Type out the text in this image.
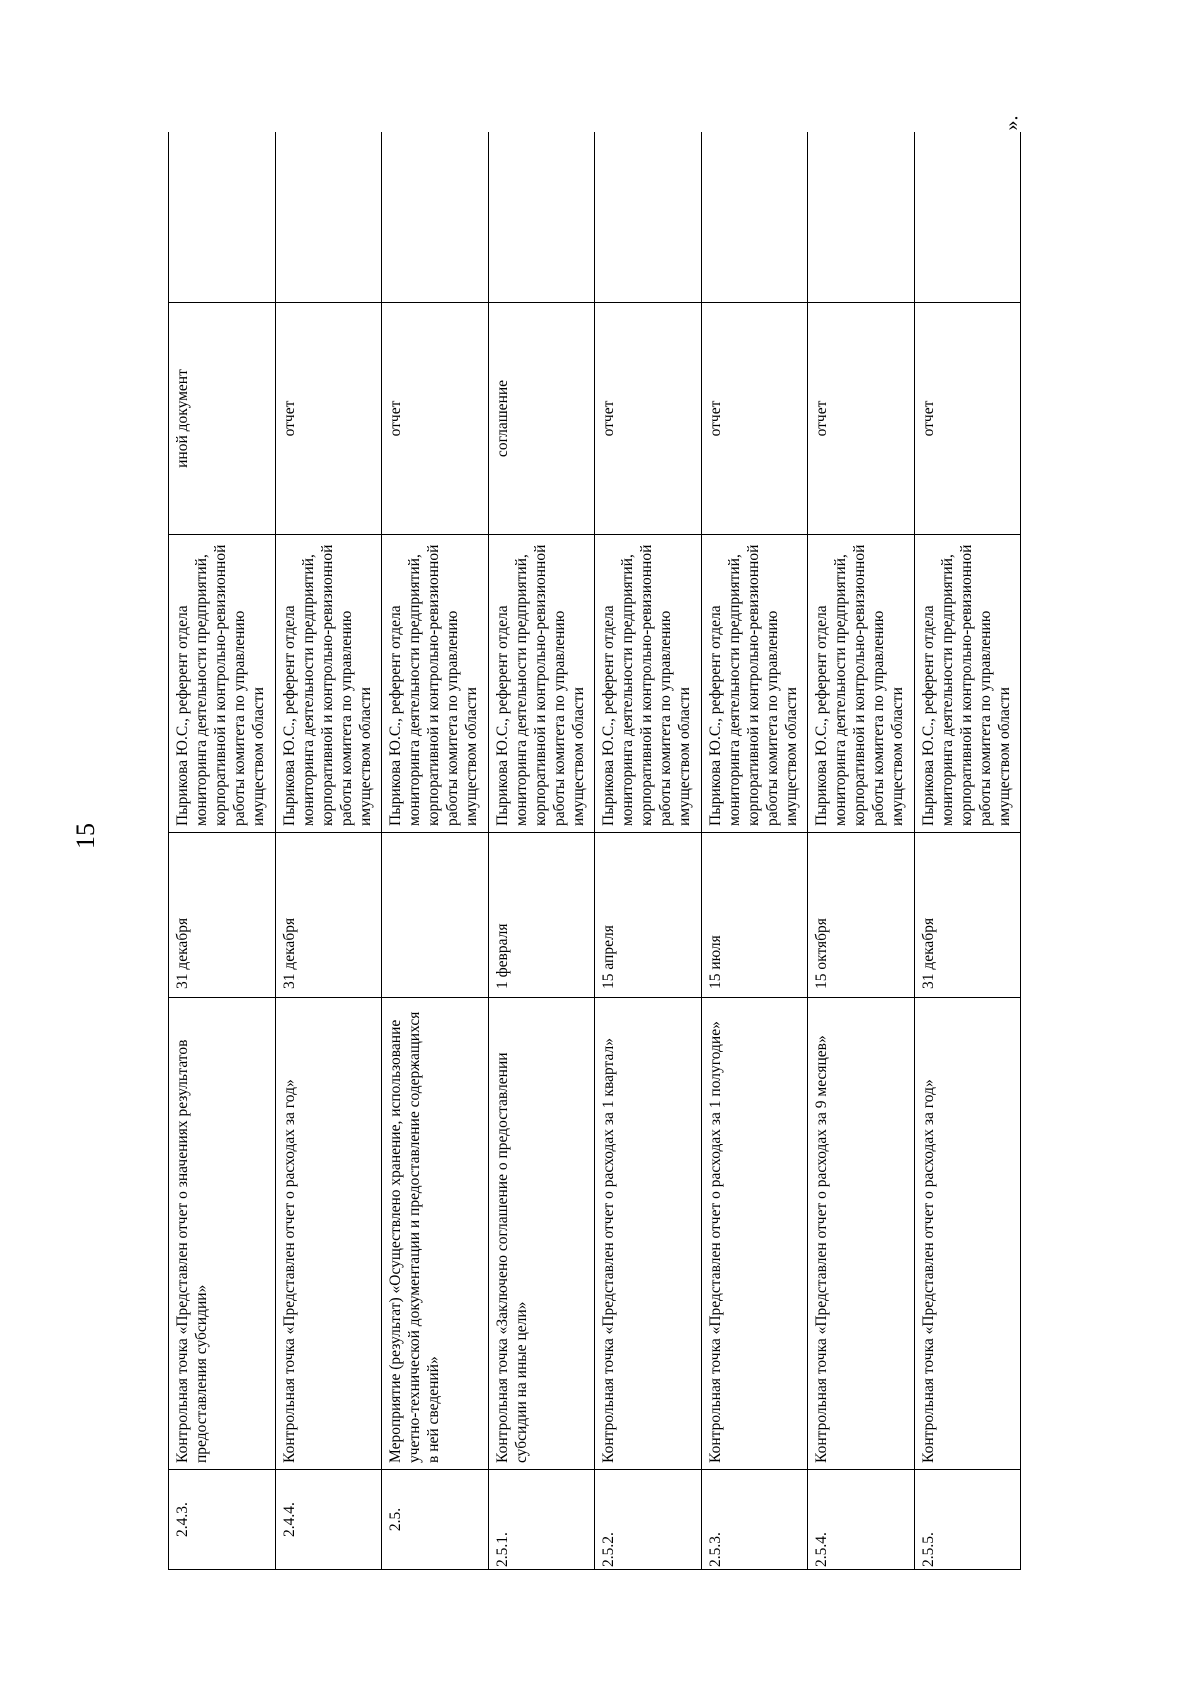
15
».
2.4.3.	Контрольная точка «Представлен отчет о значениях результатов предоставления субсидии»	31 декабря	Пырикова Ю.С., референт отдела мониторинга деятельности предприятий, корпоративной и контрольно-ревизионной работы комитета по управлению имуществом области	иной документ	
2.4.4.	Контрольная точка «Представлен отчет о расходах за год»	31 декабря	Пырикова Ю.С., референт отдела мониторинга деятельности предприятий, корпоративной и контрольно-ревизионной работы комитета по управлению имуществом области	отчет	
2.5.	Мероприятие (результат) «Осуществлено хранение, использование учетно-технической документации и предоставление содержащихся в ней сведений»		Пырикова Ю.С., референт отдела мониторинга деятельности предприятий, корпоративной и контрольно-ревизионной работы комитета по управлению имуществом области	отчет	
2.5.1.	Контрольная точка «Заключено соглашение о предоставлении субсидии на иные цели»	1 февраля	Пырикова Ю.С., референт отдела мониторинга деятельности предприятий, корпоративной и контрольно-ревизионной работы комитета по управлению имуществом области	соглашение	
2.5.2.	Контрольная точка «Представлен отчет о расходах за 1 квартал»	15 апреля	Пырикова Ю.С., референт отдела мониторинга деятельности предприятий, корпоративной и контрольно-ревизионной работы комитета по управлению имуществом области	отчет	
2.5.3.	Контрольная точка «Представлен отчет о расходах за 1 полугодие»	15 июля	Пырикова Ю.С., референт отдела мониторинга деятельности предприятий, корпоративной и контрольно-ревизионной работы комитета по управлению имуществом области	отчет	
2.5.4.	Контрольная точка «Представлен отчет о расходах за 9 месяцев»	15 октября	Пырикова Ю.С., референт отдела мониторинга деятельности предприятий, корпоративной и контрольно-ревизионной работы комитета по управлению имуществом области	отчет	
2.5.5.	Контрольная точка «Представлен отчет о расходах за год»	31 декабря	Пырикова Ю.С., референт отдела мониторинга деятельности предприятий, корпоративной и контрольно-ревизионной работы комитета по управлению имуществом области	отчет	
